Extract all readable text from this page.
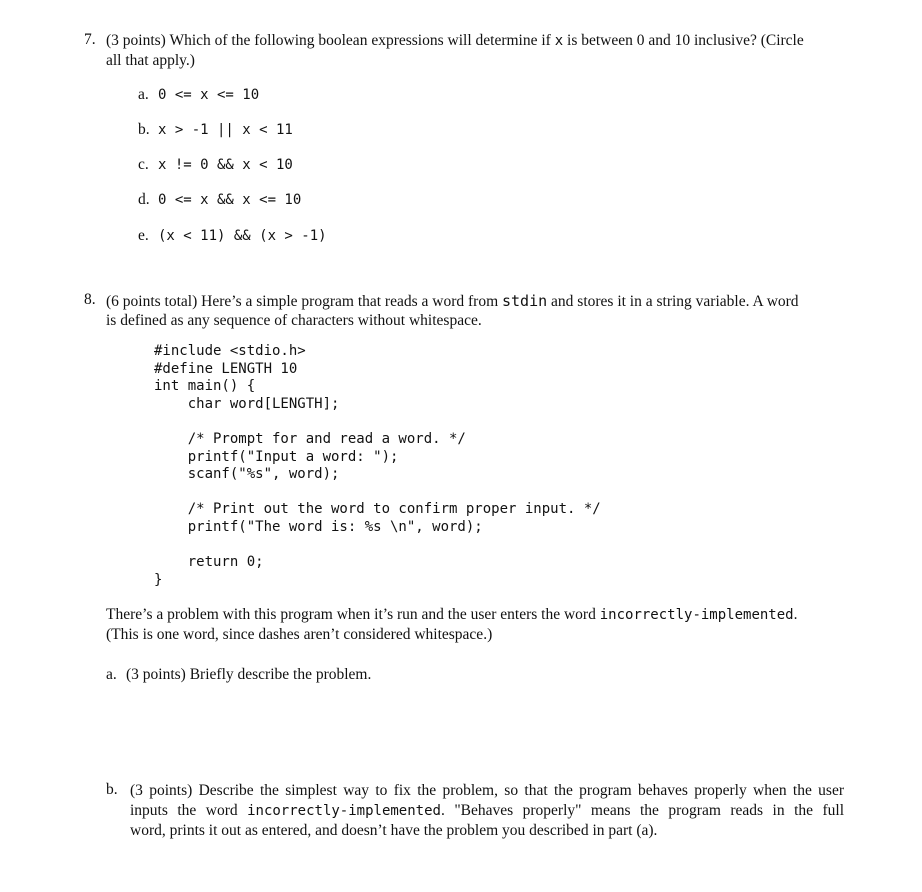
7. (3 points) Which of the following boolean expressions will determine if x is between 0 and 10 inclusive? (Circle
all that apply.)
a. 0 <= x <= 10
b. x > -1 || x < 11
c. x != 0 && x < 10
d. 0 <= x && x <= 10
e. (x < 11) && (x > -1)
8. (6 points total) Here’s a simple program that reads a word from stdin and stores it in a string variable. A word
is defined as any sequence of characters without whitespace.
#include <stdio.h>
#define LENGTH 10
int main() {
char word[LENGTH];
/* Prompt for and read a word. */
printf("Input a word: ");
scanf("%s", word);
/* Print out the word to confirm proper input. */
printf("The word is: %s \n", word);
return 0;
}
There’s a problem with this program when it’s run and the user enters the word incorrectly-implemented.
(This is one word, since dashes aren’t considered whitespace.)
a. (3 points) Briefly describe the problem.
b. (3 points) Describe the simplest way to fix the problem, so that the program behaves properly when the user
inputs the word incorrectly-implemented. "Behaves properly" means the program reads in the full
word, prints it out as entered, and doesn’t have the problem you described in part (a).
